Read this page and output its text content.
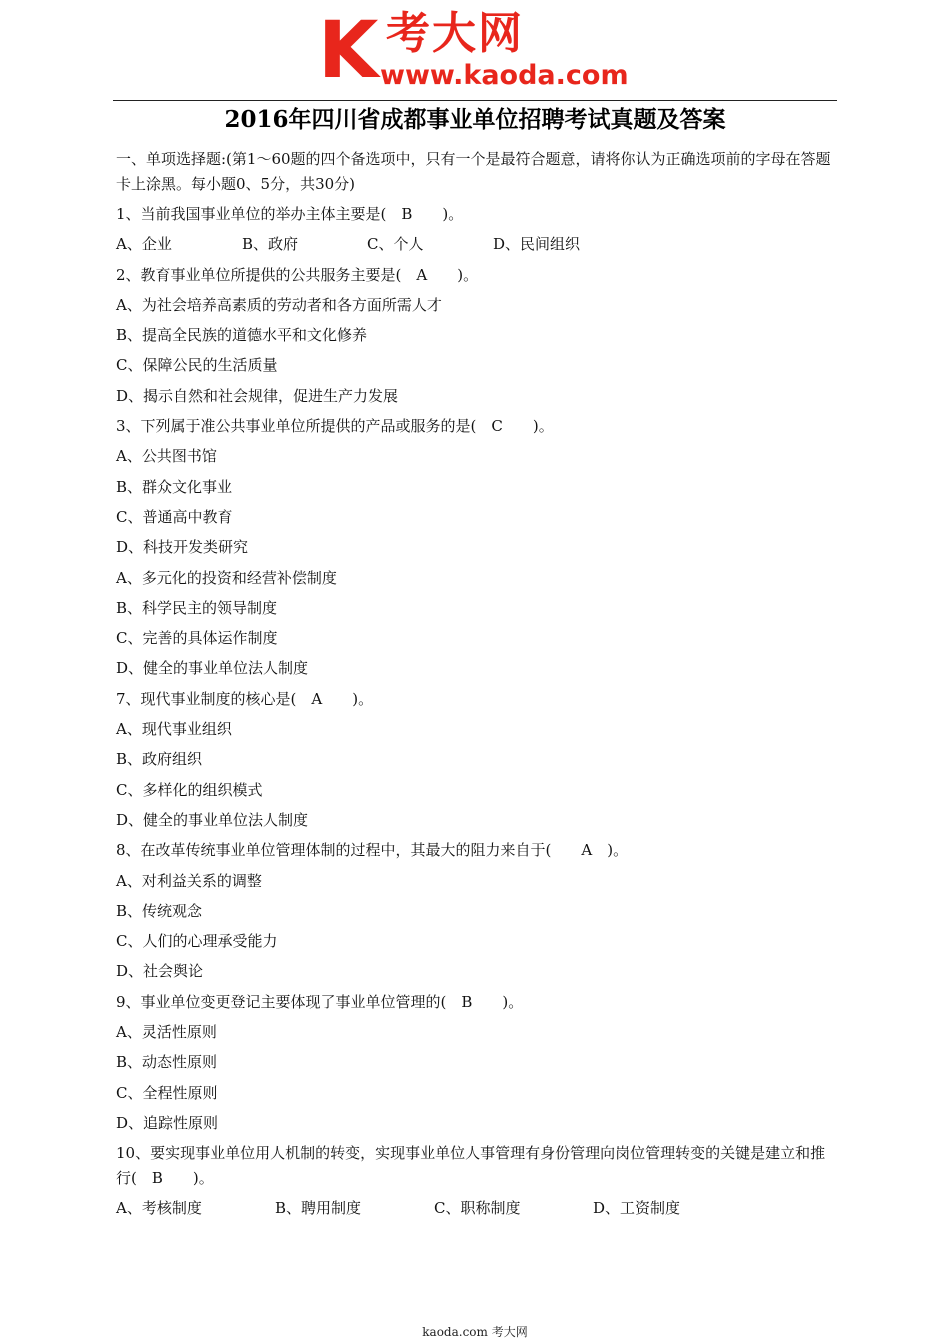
K 考大网
www.kaoda.com
2016年四川省成都事业单位招聘考试真题及答案
一、单项选择题:(第1～60题的四个备选项中，只有一个是最符合题意，请将你认为正确选项前的字母在答题卡上涂黑。每小题0、5分，共30分)
1、当前我国事业单位的举办主体主要是(　B　　)。
A、企业	B、政府	C、个人	D、民间组织
2、教育事业单位所提供的公共服务主要是(　A　　)。
A、为社会培养高素质的劳动者和各方面所需人才
B、提高全民族的道德水平和文化修养
C、保障公民的生活质量
D、揭示自然和社会规律，促进生产力发展
3、下列属于准公共事业单位所提供的产品或服务的是(　C　　)。
A、公共图书馆
B、群众文化事业
C、普通高中教育
D、科技开发类研究
A、多元化的投资和经营补偿制度
B、科学民主的领导制度
C、完善的具体运作制度
D、健全的事业单位法人制度
7、现代事业制度的核心是(　A　　)。
A、现代事业组织
B、政府组织
C、多样化的组织模式
D、健全的事业单位法人制度
8、在改革传统事业单位管理体制的过程中，其最大的阻力来自于(　　A　)。
A、对利益关系的调整
B、传统观念
C、人们的心理承受能力
D、社会舆论
9、事业单位变更登记主要体现了事业单位管理的(　B　　)。
A、灵活性原则
B、动态性原则
C、全程性原则
D、追踪性原则
10、要实现事业单位用人机制的转变，实现事业单位人事管理有身份管理向岗位管理转变的关键是建立和推行(　B　　)。
A、考核制度	B、聘用制度	C、职称制度	D、工资制度
kaoda.com 考大网
